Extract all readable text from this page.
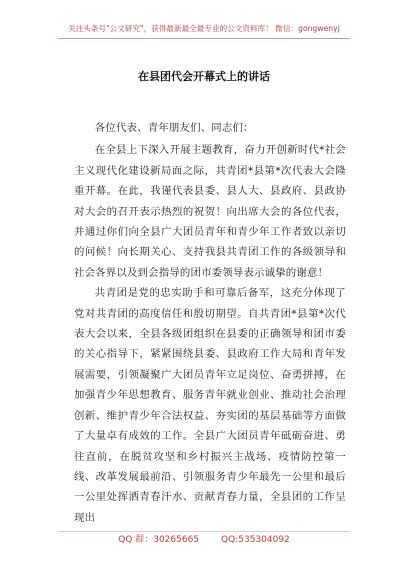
关注头条号"公文研究"，获得最新最全最专业的公文资料库！ 微信：gongwenyj
在县团代会开幕式上的讲话

各位代表、青年朋友们、同志们：

在全县上下深入开展主题教育，奋力开创新时代*社会主义现代化建设新局面之际，共青团*县第*次代表大会隆重开幕。在此，我谨代表县委、县人大、县政府、县政协对大会的召开表示热烈的祝贺！向出席大会的各位代表，并通过你们向全县广大团员青年和青少年工作者致以亲切的问候！向长期关心、支持我县共青团工作的各级领导和社会各界以及到会指导的团市委领导表示诚挚的谢意！

共青团是党的忠实助手和可靠后备军，这充分体现了党对共青团的高度信任和殷切期望。自共青团*县第*次代表大会以来，全县各级团组织在县委的正确领导和团市委的关心指导下，紧紧围绕县委、县政府工作大局和青年发展需要，引领凝聚广大团员青年立足岗位、奋勇拼搏，在加强青少年思想教育、服务青年就业创业、推动社会治理创新、维护青少年合法权益、夯实团的基层基础等方面做了大量卓有成效的工作。全县广大团员青年砥砺奋进、勇往直前，在脱贫攻坚和乡村振兴主战场、疫情防控第一线、改革发展最前沿、引领服务青少年最先一公里和最后一公里处挥洒青春汗水、贡献青春力量，全县团的工作呈现出

QQ 群：30265665 QQ:535304092
